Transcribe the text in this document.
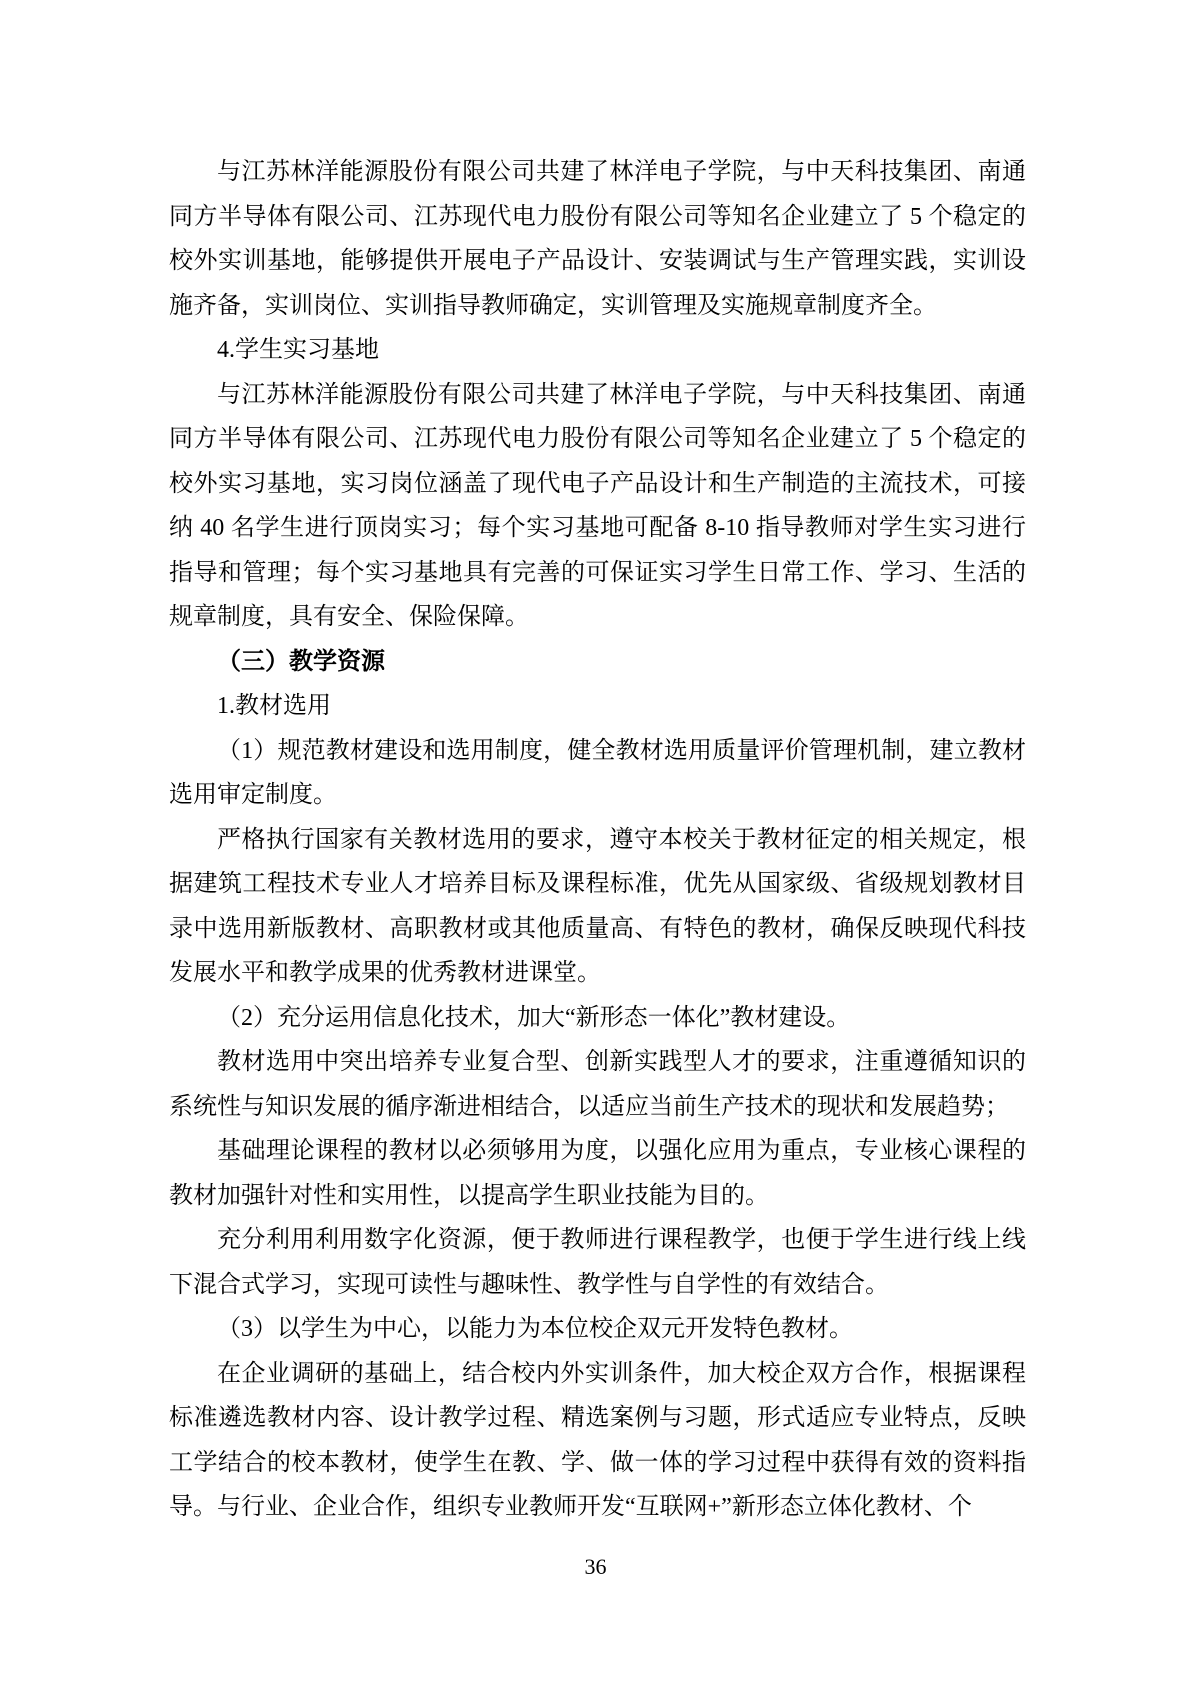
与江苏林洋能源股份有限公司共建了林洋电子学院，与中天科技集团、南通同方半导体有限公司、江苏现代电力股份有限公司等知名企业建立了 5 个稳定的校外实训基地，能够提供开展电子产品设计、安装调试与生产管理实践，实训设施齐备，实训岗位、实训指导教师确定，实训管理及实施规章制度齐全。

4.学生实习基地

与江苏林洋能源股份有限公司共建了林洋电子学院，与中天科技集团、南通同方半导体有限公司、江苏现代电力股份有限公司等知名企业建立了 5 个稳定的校外实习基地，实习岗位涵盖了现代电子产品设计和生产制造的主流技术，可接纳 40 名学生进行顶岗实习；每个实习基地可配备 8-10 指导教师对学生实习进行指导和管理；每个实习基地具有完善的可保证实习学生日常工作、学习、生活的规章制度，具有安全、保险保障。

（三）教学资源

1.教材选用

（1）规范教材建设和选用制度，健全教材选用质量评价管理机制，建立教材选用审定制度。

严格执行国家有关教材选用的要求，遵守本校关于教材征定的相关规定，根据建筑工程技术专业人才培养目标及课程标准，优先从国家级、省级规划教材目录中选用新版教材、高职教材或其他质量高、有特色的教材，确保反映现代科技发展水平和教学成果的优秀教材进课堂。

（2）充分运用信息化技术，加大“新形态一体化”教材建设。

教材选用中突出培养专业复合型、创新实践型人才的要求，注重遵循知识的系统性与知识发展的循序渐进相结合，以适应当前生产技术的现状和发展趋势；

基础理论课程的教材以必须够用为度，以强化应用为重点，专业核心课程的教材加强针对性和实用性，以提高学生职业技能为目的。

充分利用利用数字化资源，便于教师进行课程教学，也便于学生进行线上线下混合式学习，实现可读性与趣味性、教学性与自学性的有效结合。

（3）以学生为中心，以能力为本位校企双元开发特色教材。

在企业调研的基础上，结合校内外实训条件，加大校企双方合作，根据课程标准遴选教材内容、设计教学过程、精选案例与习题，形式适应专业特点，反映工学结合的校本教材，使学生在教、学、做一体的学习过程中获得有效的资料指导。与行业、企业合作，组织专业教师开发“互联网+”新形态立体化教材、个

36
